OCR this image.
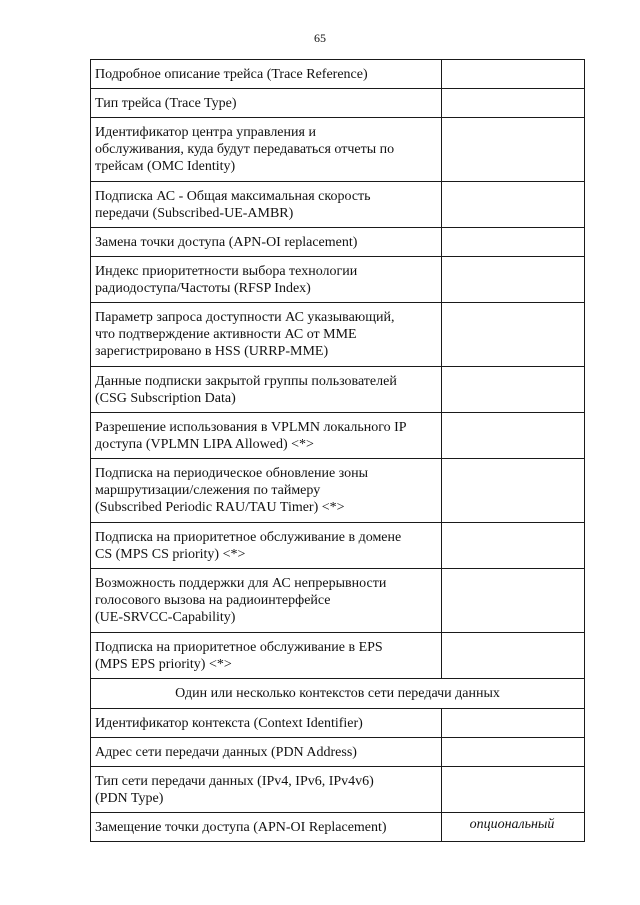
65
Подробное описание трейса (Trace Reference)	

Тип трейса (Trace Type)	

Идентификатор центра управления и
обслуживания, куда будут передаваться отчеты по
трейсам (OMC Identity)	

Подписка АС - Общая максимальная скорость
передачи (Subscribed-UE-AMBR)	

Замена точки доступа (APN-OI replacement)	

Индекс приоритетности выбора технологии
радиодоступа/Частоты (RFSP Index)	

Параметр запроса доступности АС указывающий,
что подтверждение активности АС от MME
зарегистрировано в HSS (URRP-MME)	

Данные подписки закрытой группы пользователей
(CSG Subscription Data)	

Разрешение использования в VPLMN локального IP
доступа (VPLMN LIPA Allowed) <*>	

Подписка на периодическое обновление зоны
маршрутизации/слежения по таймеру
(Subscribed Periodic RAU/TAU Timer) <*>	

Подписка на приоритетное обслуживание в домене
CS (MPS CS priority) <*>	

Возможность поддержки для АС непрерывности
голосового вызова на радиоинтерфейсе
(UE-SRVCC-Capability)	

Подписка на приоритетное обслуживание в EPS
(MPS EPS priority) <*>	

Один или несколько контекстов сети передачи данных	

Идентификатор контекста (Context Identifier)	

Адрес сети передачи данных (PDN Address)	

Тип сети передачи данных (IPv4, IPv6, IPv4v6)
(PDN Type)	

Замещение точки доступа (APN-OI Replacement)	опциональный
